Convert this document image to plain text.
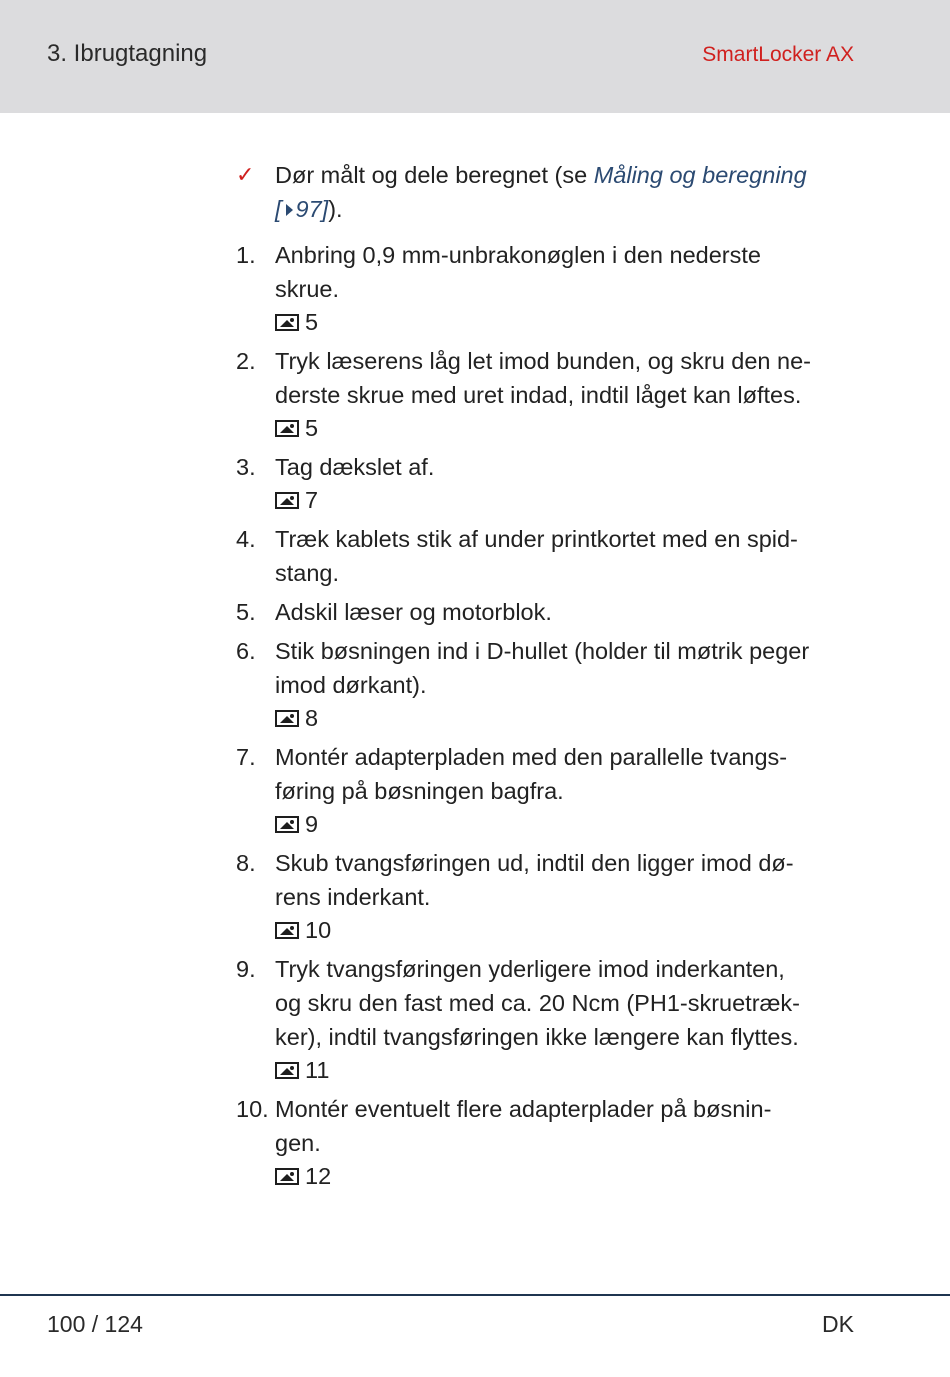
3. Ibrugtagning	SmartLocker AX
✓ Dør målt og dele beregnet (se Måling og beregning
[ 97]).
1. Anbring 0,9 mm-unbrakonøglen i den nederste
skrue.
5
2. Tryk læserens låg let imod bunden, og skru den ne-
derste skrue med uret indad, indtil låget kan løftes.
5
3. Tag dækslet af.
7
4. Træk kablets stik af under printkortet med en spid-
stang.
5. Adskil læser og motorblok.
6. Stik bøsningen ind i D-hullet (holder til møtrik peger
imod dørkant).
8
7. Montér adapterpladen med den parallelle tvangs-
føring på bøsningen bagfra.
9
8. Skub tvangsføringen ud, indtil den ligger imod dø-
rens inderkant.
10
9. Tryk tvangsføringen yderligere imod inderkanten,
og skru den fast med ca. 20 Ncm (PH1-skruetræk-
ker), indtil tvangsføringen ikke længere kan flyttes.
11
10. Montér eventuelt flere adapterplader på bøsnin-
gen.
12
100 / 124	DK
